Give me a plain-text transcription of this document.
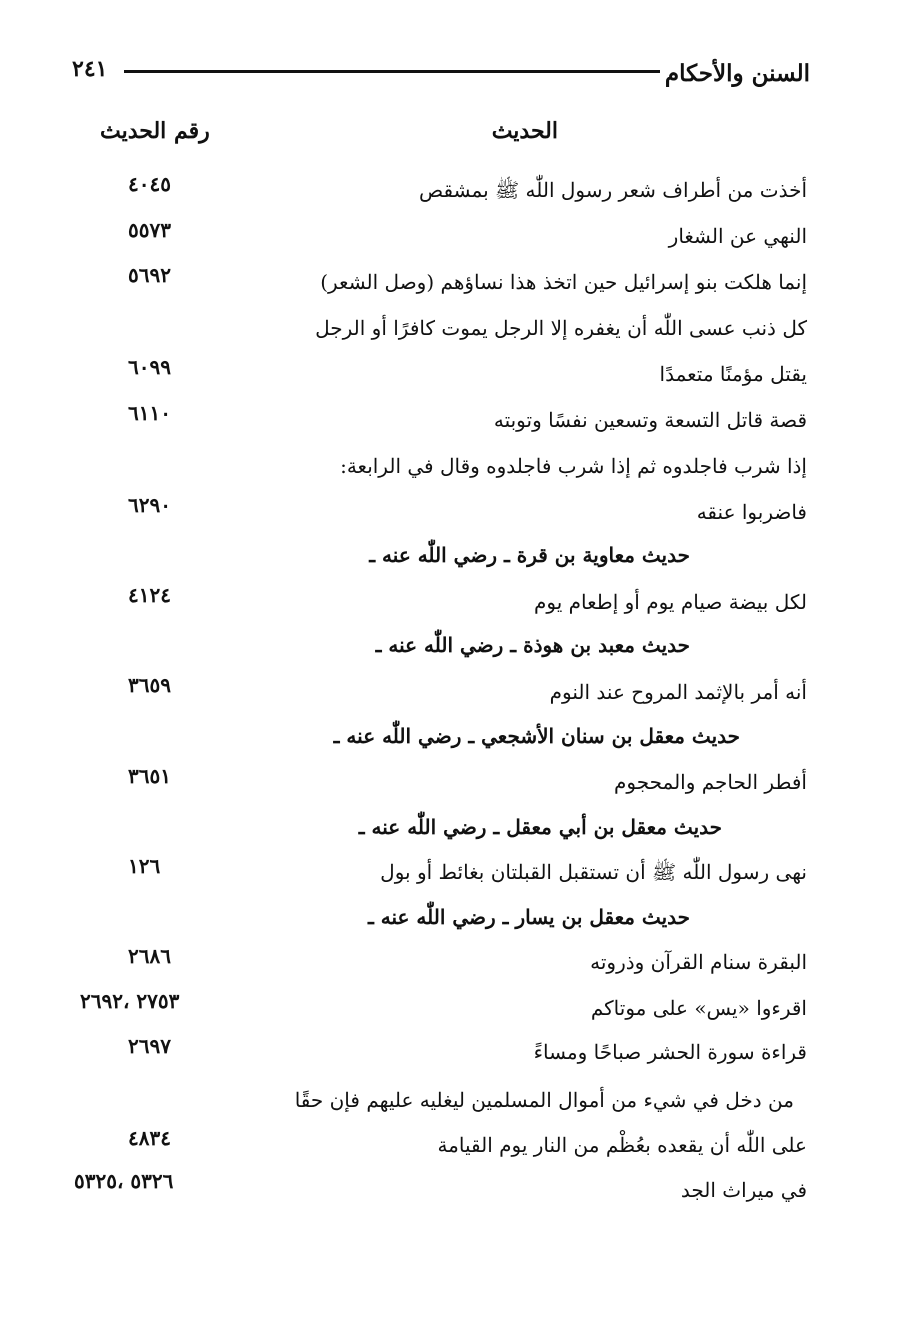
السنن والأحكام
٢٤١
الحديث
رقم الحديث
أخذت من أطراف شعر رسول اللّٰه ﷺ بمشقص
النهي عن الشغار
إنما هلكت بنو إسرائيل حين اتخذ هذا نساؤهم (وصل الشعر)
كل ذنب عسى اللّٰه أن يغفره إلا الرجل يموت كافرًا أو الرجل
يقتل مؤمنًا متعمدًا
قصة قاتل التسعة وتسعين نفسًا وتوبته
إذا شرب فاجلدوه ثم إذا شرب فاجلدوه وقال في الرابعة:
فاضربوا عنقه
حديث معاوية بن قرة ـ رضي اللّٰه عنه ـ
لكل بيضة صيام يوم أو إطعام يوم
حديث معبد بن هوذة ـ رضي اللّٰه عنه ـ
أنه أمر بالإثمد المروح عند النوم
حديث معقل بن سنان الأشجعي ـ رضي اللّٰه عنه ـ
أفطر الحاجم والمحجوم
حديث معقل بن أبي معقل ـ رضي اللّٰه عنه ـ
نهى رسول اللّٰه ﷺ أن تستقبل القبلتان بغائط أو بول
حديث معقل بن يسار ـ رضي اللّٰه عنه ـ
البقرة سنام القرآن وذروته
اقرءوا «يس» على موتاكم
قراءة سورة الحشر صباحًا ومساءً
من دخل في شيء من أموال المسلمين ليغليه عليهم فإن حقًا
على اللّٰه أن يقعده بعُظْم من النار يوم القيامة
في ميراث الجد
٤٠٤٥
٥٥٧٣
٥٦٩٢
٦٠٩٩
٦١١٠
٦٢٩٠
٤١٢٤
٣٦٥٩
٣٦٥١
١٢٦
٢٦٨٦
٢٧٥٣ ،٢٦٩٢
٢٦٩٧
٤٨٣٤
٥٣٢٦ ،٥٣٢٥
